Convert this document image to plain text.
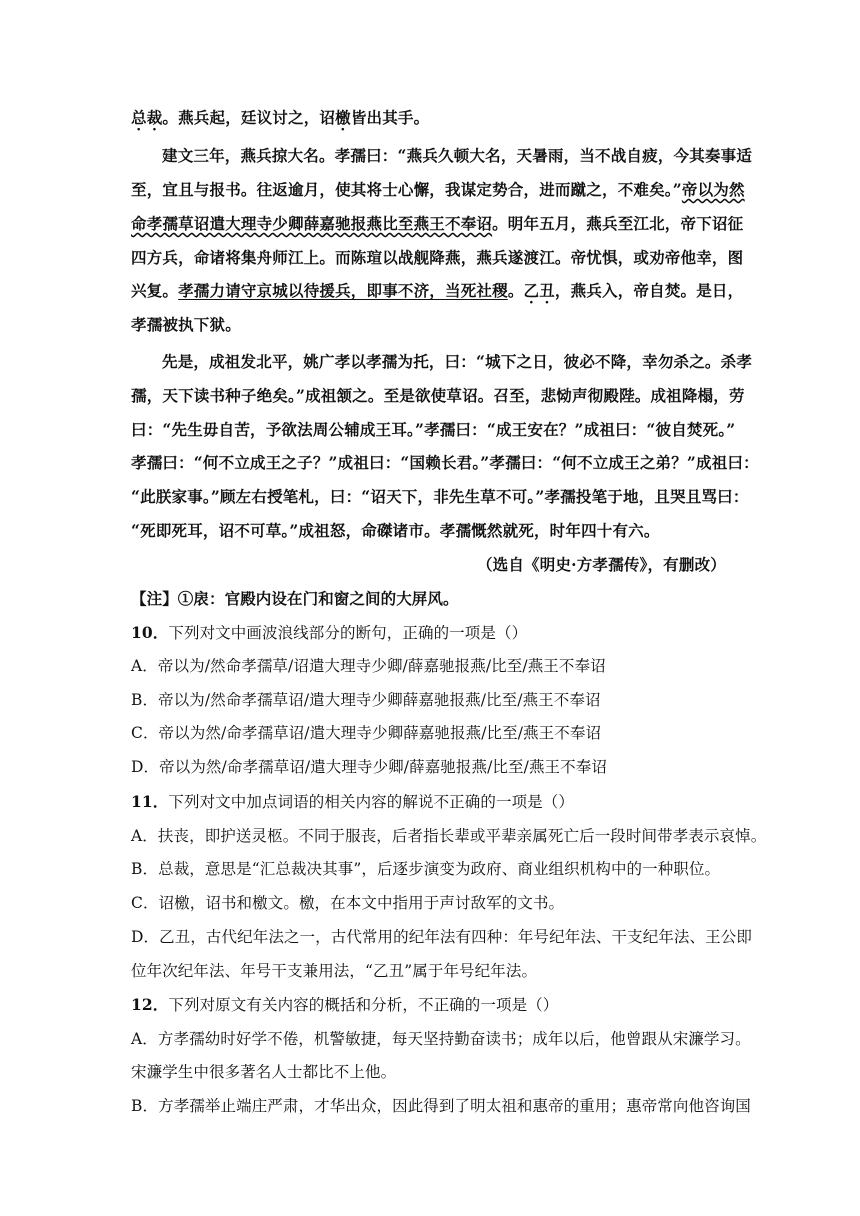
总裁。燕兵起，廷议讨之，诏檄皆出其手。
建文三年，燕兵掠大名。孝孺曰：“燕兵久顿大名，天暑雨，当不战自疲，今其奏事适
至，宜且与报书。往返逾月，使其将士心懈，我谋定势合，进而蹴之，不难矣。”帝以为然
命孝孺草诏遣大理寺少卿薛嘉驰报燕比至燕王不奉诏。明年五月，燕兵至江北，帝下诏征
四方兵，命诸将集舟师江上。而陈瑄以战舰降燕，燕兵遂渡江。帝忧惧，或劝帝他幸，图
兴复。孝孺力请守京城以待援兵，即事不济，当死社稷。乙丑，燕兵入，帝自焚。是日，
孝孺被执下狱。
先是，成祖发北平，姚广孝以孝孺为托，曰：“城下之日，彼必不降，幸勿杀之。杀孝
孺，天下读书种子绝矣。”成祖颔之。至是欲使草诏。召至，悲恸声彻殿陛。成祖降榻，劳
曰：“先生毋自苦，予欲法周公辅成王耳。”孝孺曰：“成王安在？”成祖曰：“彼自焚死。”
孝孺曰：“何不立成王之子？”成祖曰：“国赖长君。”孝孺曰：“何不立成王之弟？”成祖曰：
“此朕家事。”顾左右授笔札，曰：“诏天下，非先生草不可。”孝孺投笔于地，且哭且骂曰：
“死即死耳，诏不可草。”成祖怒，命磔诸市。孝孺慨然就死，时年四十有六。
（选自《明史·方孝孺传》，有删改）
【注】①扆：官殿内设在门和窗之间的大屏风。
10．下列对文中画波浪线部分的断句，正确的一项是（）
A．帝以为/然命孝孺草/诏遣大理寺少卿/薛嘉驰报燕/比至/燕王不奉诏
B．帝以为/然命孝孺草诏/遣大理寺少卿薛嘉驰报燕/比至/燕王不奉诏
C．帝以为然/命孝孺草诏/遣大理寺少卿薛嘉驰报燕/比至/燕王不奉诏
D．帝以为然/命孝孺草诏/遣大理寺少卿/薛嘉驰报燕/比至/燕王不奉诏
11．下列对文中加点词语的相关内容的解说不正确的一项是（）
A．扶丧，即护送灵柩。不同于服丧，后者指长辈或平辈亲属死亡后一段时间带孝表示哀悼。
B．总裁，意思是“汇总裁决其事”，后逐步演变为政府、商业组织机构中的一种职位。
C．诏檄，诏书和檄文。檄，在本文中指用于声讨敌军的文书。
D．乙丑，古代纪年法之一，古代常用的纪年法有四种：年号纪年法、干支纪年法、王公即
位年次纪年法、年号干支兼用法，“乙丑”属于年号纪年法。
12．下列对原文有关内容的概括和分析，不正确的一项是（）
A．方孝孺幼时好学不倦，机警敏捷，每天坚持勤奋读书；成年以后，他曾跟从宋濂学习。
宋濂学生中很多著名人士都比不上他。
B．方孝孺举止端庄严肃，才华出众，因此得到了明太祖和惠帝的重用；惠帝常向他咨询国
